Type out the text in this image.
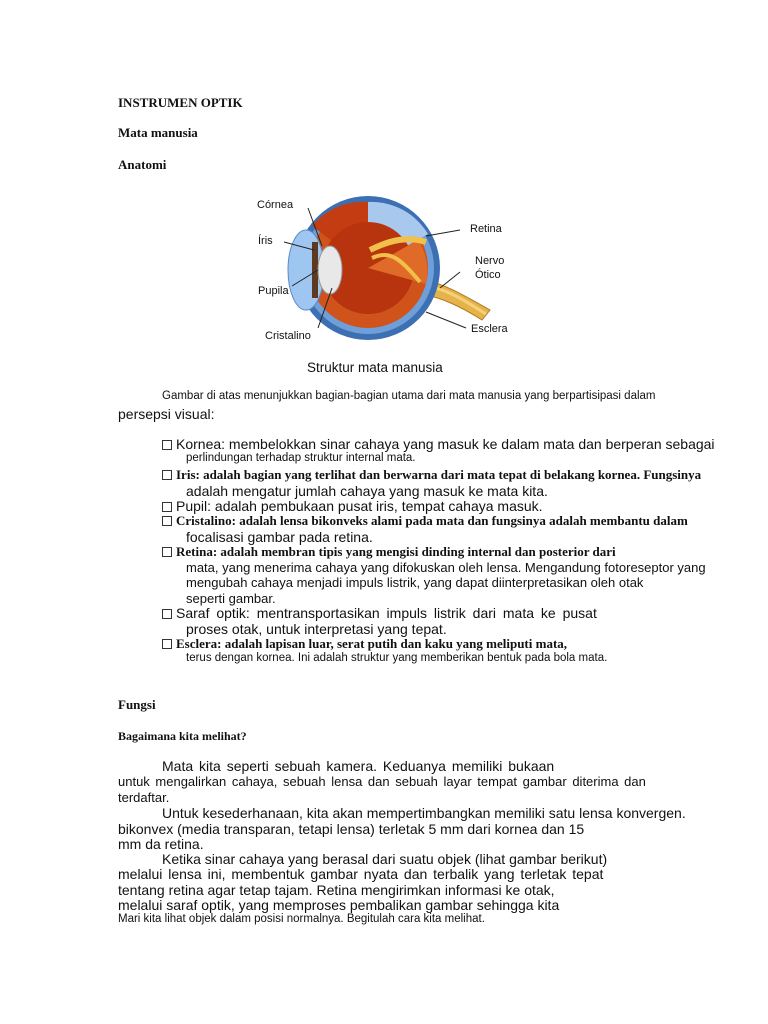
INSTRUMEN OPTIK
Mata manusia
Anatomi
Córnea
Íris
Pupila
Cristalino
Retina
Nervo
Ótico
Esclera
Struktur mata manusia
Gambar di atas menunjukkan bagian-bagian utama dari mata manusia yang berpartisipasi dalam
persepsi visual:
Kornea: membelokkan sinar cahaya yang masuk ke dalam mata dan berperan sebagai
perlindungan terhadap struktur internal mata.
Iris: adalah bagian yang terlihat dan berwarna dari mata tepat di belakang kornea. Fungsinya
adalah mengatur jumlah cahaya yang masuk ke mata kita.
Pupil: adalah pembukaan pusat iris, tempat cahaya masuk.
Cristalino: adalah lensa bikonveks alami pada mata dan fungsinya adalah membantu dalam
focalisasi gambar pada retina.
Retina: adalah membran tipis yang mengisi dinding internal dan posterior dari
mata, yang menerima cahaya yang difokuskan oleh lensa. Mengandung fotoreseptor yang
mengubah cahaya menjadi impuls listrik, yang dapat diinterpretasikan oleh otak
seperti gambar.
Saraf optik: mentransportasikan impuls listrik dari mata ke pusat
proses otak, untuk interpretasi yang tepat.
Esclera: adalah lapisan luar, serat putih dan kaku yang meliputi mata,
terus dengan kornea. Ini adalah struktur yang memberikan bentuk pada bola mata.
Fungsi
Bagaimana kita melihat?
Mata kita seperti sebuah kamera. Keduanya memiliki bukaan
untuk mengalirkan cahaya, sebuah lensa dan sebuah layar tempat gambar diterima dan
terdaftar.
Untuk kesederhanaan, kita akan mempertimbangkan memiliki satu lensa konvergen.
bikonvex (media transparan, tetapi lensa) terletak 5 mm dari kornea dan 15
mm da retina.
Ketika sinar cahaya yang berasal dari suatu objek (lihat gambar berikut)
melalui lensa ini, membentuk gambar nyata dan terbalik yang terletak tepat
tentang retina agar tetap tajam. Retina mengirimkan informasi ke otak,
melalui saraf optik, yang memproses pembalikan gambar sehingga kita
Mari kita lihat objek dalam posisi normalnya. Begitulah cara kita melihat.
